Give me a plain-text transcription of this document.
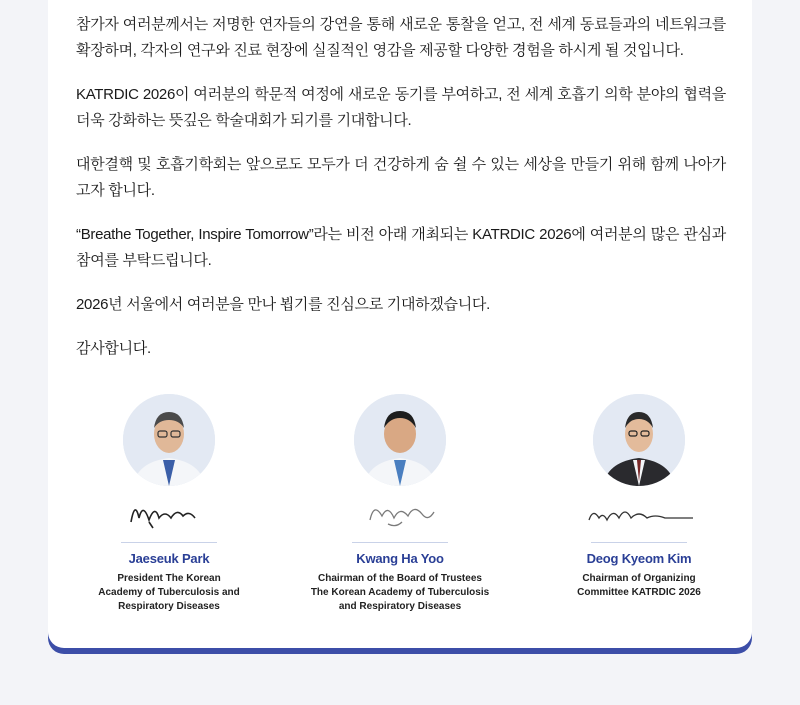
참가자 여러분께서는 저명한 연자들의 강연을 통해 새로운 통찰을 얻고, 전 세계 동료들과의 네트워크를 확장하며, 각자의 연구와 진료 현장에 실질적인 영감을 제공할 다양한 경험을 하시게 될 것입니다.

KATRDIC 2026이 여러분의 학문적 여정에 새로운 동기를 부여하고, 전 세계 호흡기 의학 분야의 협력을 더욱 강화하는 뜻깊은 학술대회가 되기를 기대합니다.

대한결핵 및 호흡기학회는 앞으로도 모두가 더 건강하게 숨 쉴 수 있는 세상을 만들기 위해 함께 나아가고자 합니다.

“Breathe Together, Inspire Tomorrow”라는 비전 아래 개최되는 KATRDIC 2026에 여러분의 많은 관심과 참여를 부탁드립니다.

2026년 서울에서 여러분을 만나 뵙기를 진심으로 기대하겠습니다.

감사합니다.

Jaeseuk Park
President The Korean
Academy of Tuberculosis and
Respiratory Diseases
Kwang Ha Yoo
Chairman of the Board of Trustees
The Korean Academy of Tuberculosis
and Respiratory Diseases
Deog Kyeom Kim
Chairman of Organizing
Committee KATRDIC 2026
